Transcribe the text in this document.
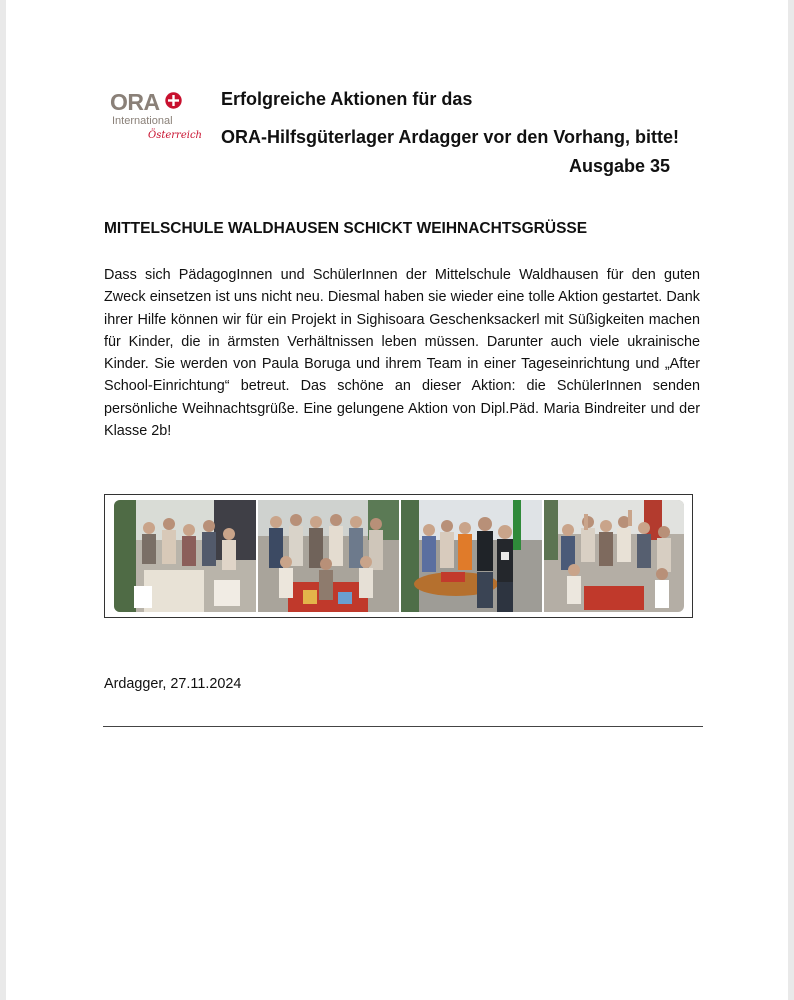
ORA
International
Österreich
Erfolgreiche Aktionen für das
ORA-Hilfsgüterlager Ardagger vor den Vorhang, bitte!
Ausgabe 35
MITTELSCHULE WALDHAUSEN SCHICKT WEIHNACHTSGRÜSSE
Dass sich PädagogInnen und SchülerInnen der Mittelschule Waldhausen für den guten Zweck einsetzen ist uns nicht neu. Diesmal haben sie wieder eine tolle Aktion gestartet. Dank ihrer Hilfe können wir für ein Projekt in Sighisoara Geschenksackerl mit Süßigkeiten machen für Kinder, die in ärmsten Verhältnissen leben müssen. Darunter auch viele ukrainische Kinder. Sie werden von Paula Boruga und ihrem Team in einer Tageseinrichtung und „After School-Einrichtung“ betreut. Das schöne an dieser Aktion: die SchülerInnen senden persönliche Weihnachtsgrüße. Eine gelungene Aktion von Dipl.Päd. Maria Bindreiter und der Klasse 2b!
Ardagger, 27.11.2024
